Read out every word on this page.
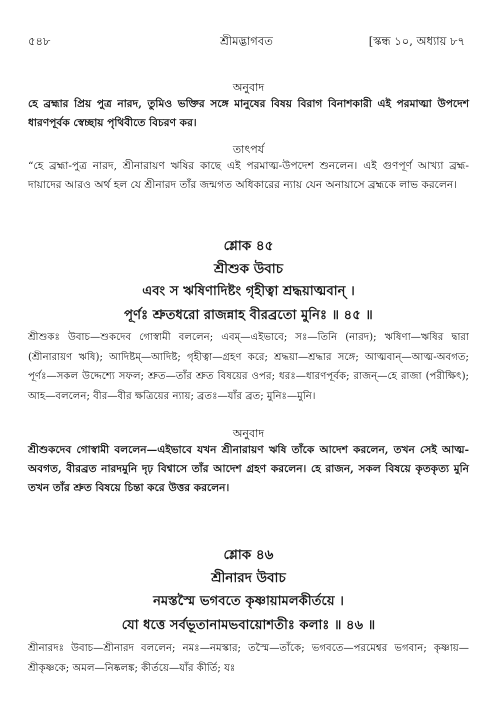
৫৪৮	শ্রীমদ্ভাগবত	[স্কন্ধ ১০, অধ্যায় ৮৭
অনুবাদ
হে ব্রহ্মার প্রিয় পুত্র নারদ, তুমিও ভক্তির সঙ্গে মানুষের বিষয় বিরাগ বিনাশকারী এই পরমাত্মা উপদেশ ধারণপূর্বক স্বেচ্ছায় পৃথিবীতে বিচরণ কর।
তাৎপর্য
“হে ব্রহ্মা-পুত্র নারদ, শ্রীনারায়ণ ঋষির কাছে এই পরমাত্ম-উপদেশ শুনলেন। এই গুণপূর্ণ আখ্যা ব্রহ্ম-দায়াদের আরও অর্থ হল যে শ্রীনারদ তাঁর জন্মগত অধিকারের ন্যায় যেন অনায়াসে ব্রহ্মকে লাভ করলেন।
শ্লোক ৪৫
শ্রীশুক উবাচ
এবং স ঋষিণাদিষ্টং গৃহীত্বা শ্রদ্ধয়াত্মবান্ ।
পূর্ণঃ শ্রুতধরো রাজন্নাহ বীরব্রতো মুনিঃ ॥ ৪৫ ॥
শ্রীশুকঃ উবাচ—শুকদেব গোস্বামী বললেন; এবম্—এইভাবে; সঃ—তিনি (নারদ); ঋষিণা—ঋষির দ্বারা (শ্রীনারায়ণ ঋষি); আদিষ্টম্—আদিষ্ট; গৃহীত্বা—গ্রহণ করে; শ্রদ্ধয়া—শ্রদ্ধার সঙ্গে; আত্মবান্—আত্ম-অবগত; পূর্ণঃ—সকল উদ্দেশ্যে সফল; শ্রুত—তাঁর শ্রুত বিষয়ের ওপর; ধরঃ—ধারণপূর্বক; রাজন্—হে রাজা (পরীক্ষিৎ); আহ—বললেন; বীর—বীর ক্ষত্রিয়ের ন্যায়; ব্রতঃ—যাঁর ব্রত; মুনিঃ—মুনি।
অনুবাদ
শ্রীশুকদেব গোস্বামী বললেন—এইভাবে যখন শ্রীনারায়ণ ঋষি তাঁকে আদেশ করলেন, তখন সেই আত্ম-অবগত, বীরব্রত নারদমুনি দৃঢ় বিশ্বাসে তাঁর আদেশ গ্রহণ করলেন। হে রাজন, সকল বিষয়ে কৃতকৃত্য মুনি তখন তাঁর শ্রুত বিষয়ে চিন্তা করে উত্তর করলেন।
শ্লোক ৪৬
শ্রীনারদ উবাচ
নমস্তস্মৈ ভগবতে কৃষ্ণায়ামলকীর্তয়ে ।
যো ধত্তে সর্বভূতানামভবায়োশতীঃ কলাঃ ॥ ৪৬ ॥
শ্রীনারদঃ উবাচ—শ্রীনারদ বললেন; নমঃ—নমস্কার; তস্মৈ—তাঁকে; ভগবতে—পরমেশ্বর ভগবান; কৃষ্ণায়—শ্রীকৃষ্ণকে; অমল—নিষ্কলঙ্ক; কীর্তয়ে—যাঁর কীর্তি; যঃ
